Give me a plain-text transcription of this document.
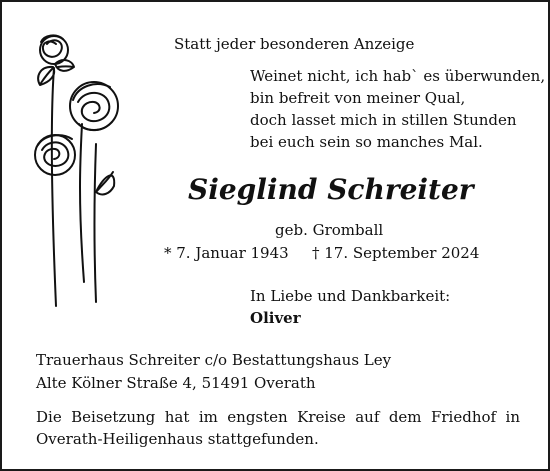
Statt jeder besonderen Anzeige
Weinet nicht, ich hab` es überwunden,
bin befreit von meiner Qual,
doch lasset mich in stillen Stunden
bei euch sein so manches Mal.
Sieglind Schreiter
geb. Gromball
* 7. Januar 1943 † 17. September 2024
In Liebe und Dankbarkeit:
Oliver
Trauerhaus Schreiter c/o Bestattungshaus Ley
Alte Kölner Straße 4, 51491 Overath
Die Beisetzung hat im engsten Kreise auf dem Friedhof in Overath-Heiligenhaus stattgefunden.
